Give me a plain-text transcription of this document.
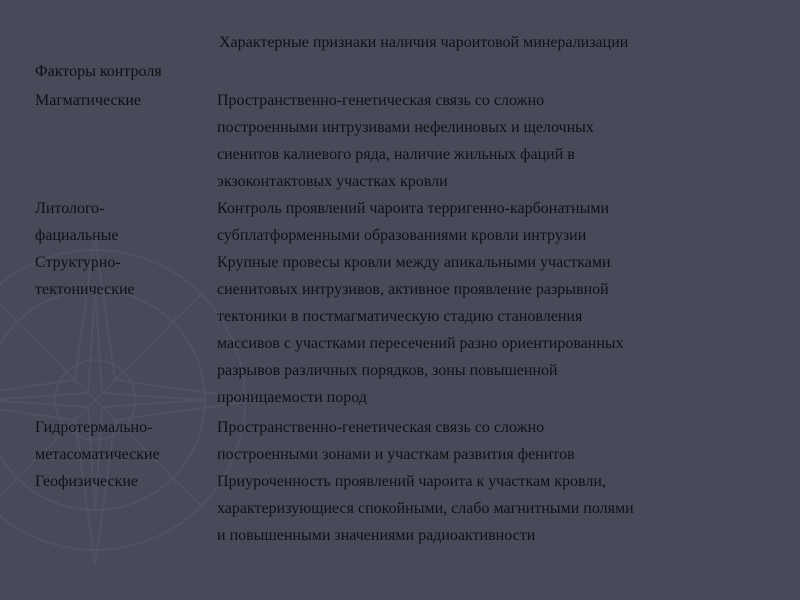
Характерные признаки наличия чароитовой минерализации
Факторы контроля
Магматические	Пространственно-генетическая связь со сложно
построенными интрузивами нефелиновых и щелочных
сиенитов калиевого ряда, наличие жильных фаций в
экзоконтактовых участках кровли
Литолого-
фациальные
Контроль проявлений чароита терригенно-карбонатными
субплатформенными образованиями кровли интрузии
Структурно-
тектонические
Крупные провесы кровли между апикальными участками
сиенитовых интрузивов, активное проявление разрывной
тектоники в постмагматическую стадию становления
массивов с участками пересечений разно ориентированных
разрывов различных порядков, зоны повышенной
проницаемости пород
Гидротермально-
метасоматические
Пространственно-генетическая связь со сложно
построенными зонами и участкам развития фенитов
Геофизические	Приуроченность проявлений чароита к участкам кровли,
характеризующиеся спокойными, слабо магнитными полями
и повышенными значениями радиоактивности
